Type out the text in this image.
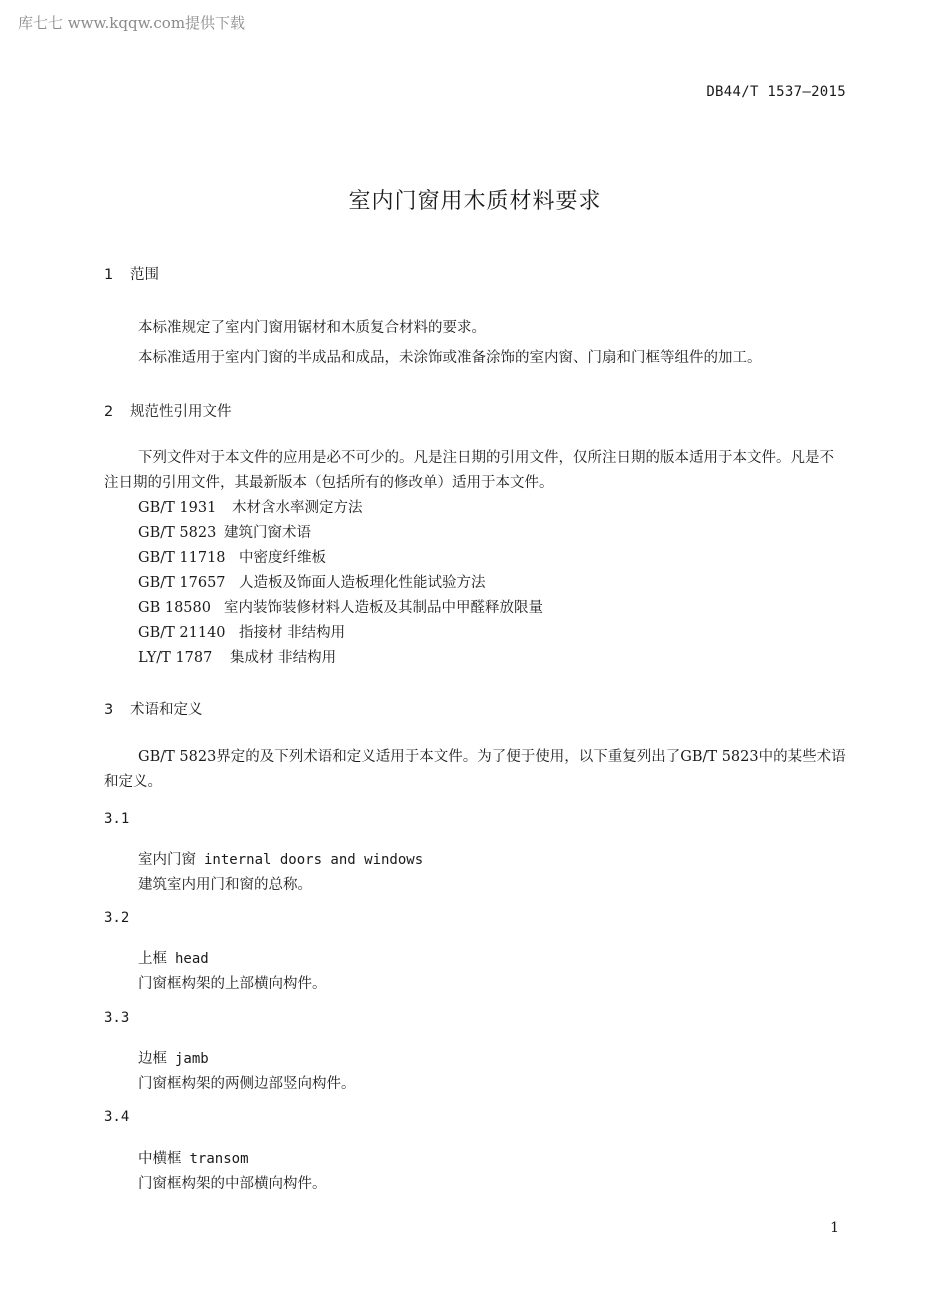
库七七 www.kqqw.com提供下载
DB44/T 1537—2015
室内门窗用木质材料要求
1 范围
本标准规定了室内门窗用锯材和木质复合材料的要求。
本标准适用于室内门窗的半成品和成品，未涂饰或准备涂饰的室内窗、门扇和门框等组件的加工。
2 规范性引用文件
下列文件对于本文件的应用是必不可少的。凡是注日期的引用文件，仅所注日期的版本适用于本文件。凡是不注日期的引用文件，其最新版本（包括所有的修改单）适用于本文件。
GB/T 1931 木材含水率测定方法
GB/T 5823 建筑门窗术语
GB/T 11718 中密度纤维板
GB/T 17657 人造板及饰面人造板理化性能试验方法
GB 18580 室内装饰装修材料人造板及其制品中甲醛释放限量
GB/T 21140 指接材 非结构用
LY/T 1787 集成材 非结构用
3 术语和定义
GB/T 5823界定的及下列术语和定义适用于本文件。为了便于使用，以下重复列出了GB/T 5823中的某些术语和定义。
3.1
室内门窗 internal doors and windows
建筑室内用门和窗的总称。
3.2
上框 head
门窗框构架的上部横向构件。
3.3
边框 jamb
门窗框构架的两侧边部竖向构件。
3.4
中横框 transom
门窗框构架的中部横向构件。
1
